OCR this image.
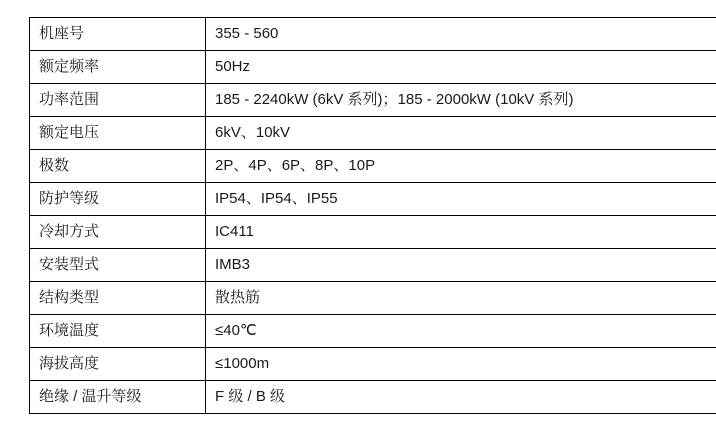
机座号	355 - 560
额定频率	50Hz
功率范围	185 - 2240kW (6kV 系列)；185 - 2000kW (10kV 系列)
额定电压	6kV、10kV
极数	2P、4P、6P、8P、10P
防护等级	IP54、IP54、IP55
冷却方式	IC411
安装型式	IMB3
结构类型	散热筋
环境温度	≤40℃
海拔高度	≤1000m
绝缘 / 温升等级	F 级 / B 级
